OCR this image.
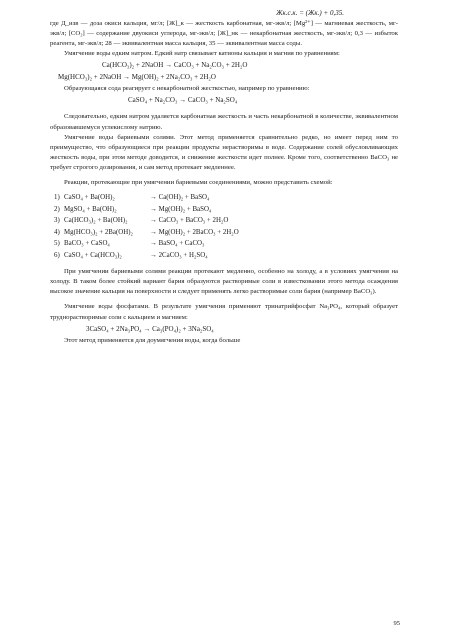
Жк.с.к. = (Жк.) + 0,35.

где Д_изв — доза окиси кальция, мг/л; [Ж]_к — жесткость карбонатная, мг-экв/л; [Mg²⁺] — магниевая жесткость, мг-экв/л; [CO₂] — содержание двуокиси углерода, мг-экв/л; [Ж]_нк — некарбонатная жесткость, мг-экв/л; 0,3 — избыток реагента, мг-экв/л; 28 — эквивалентная масса кальция, 35 — эквивалентная масса соды.

Умягчение воды едким натром. Едкий натр связывает катионы кальция и магния по уравнениям:

Ca(HCO₃)₂ + 2NaOH → CaCO₃ + Na₂CO₃ + 2H₂O
Mg(HCO₃)₂ + 2NaOH → Mg(OH)₂ + 2Na₂CO₃ + 2H₂O

Образующаяся сода реагирует с некарбонатной жесткостью, например по уравнению:

CaSO₄ + Na₂CO₃ → CaCO₃ + Na₂SO₄

Следовательно, едким натром удаляется карбонатная жесткость и часть некарбонатной в количестве, эквивалентном образовавшемуся углекислому натрию.

Умягчение воды бариевыми солями. Этот метод применяется сравнительно редко, но имеет перед ним то преимущество, что образующиеся при реакции продукты нерастворимы в воде. Содержание солей обусловливающих жесткость воды, при этом методе доводится, и снижение жесткости идет полнее. Кроме того, соответственно BaCO₃ не требует строгого дозирования, и сам метод протекает медленнее.

Реакции, протекающие при умягчении бариевыми соединениями, можно представить схемой:

1) CaSO₄ + Ba(OH)₂	→ Ca(OH)₂ + BaSO₄
2) MgSO₄ + Ba(OH)₂	→ Mg(OH)₂ + BaSO₄
3) Ca(HCO₃)₂ + Ba(OH)₂	→ CaCO₃ + BaCO₃ + 2H₂O
4) Mg(HCO₃)₂ + 2Ba(OH)₂	→ Mg(OH)₂ + 2BaCO₃ + 2H₂O
5) BaCO₃ + CaSO₄	→ BaSO₄ + CaCO₃
6) CaSO₄ + Ca(HCO₃)₂	→ 2CaCO₃ + H₂SO₄

При умягчении бариевыми солями реакции протекают медленно, особенно на холоду, а в условиях умягчения на холоду. В таком более стойкий вариант бария образуются растворимые соли в известковании этого метода осаждения высокое значение кальция на поверхности и следует применять легко растворимые соли бария (например BaCO₃).

Умягчение воды фосфатами. В результате умягчения применяют тринатрийфосфат Na₃PO₄, который образует труднорастворимые соли с кальцием и магнием:

3CaSO₄ + 2Na₃PO₄ → Ca₃(PO₄)₂ + 3Na₂SO₄

Этот метод применяется для доумягчения воды, когда больше

95
